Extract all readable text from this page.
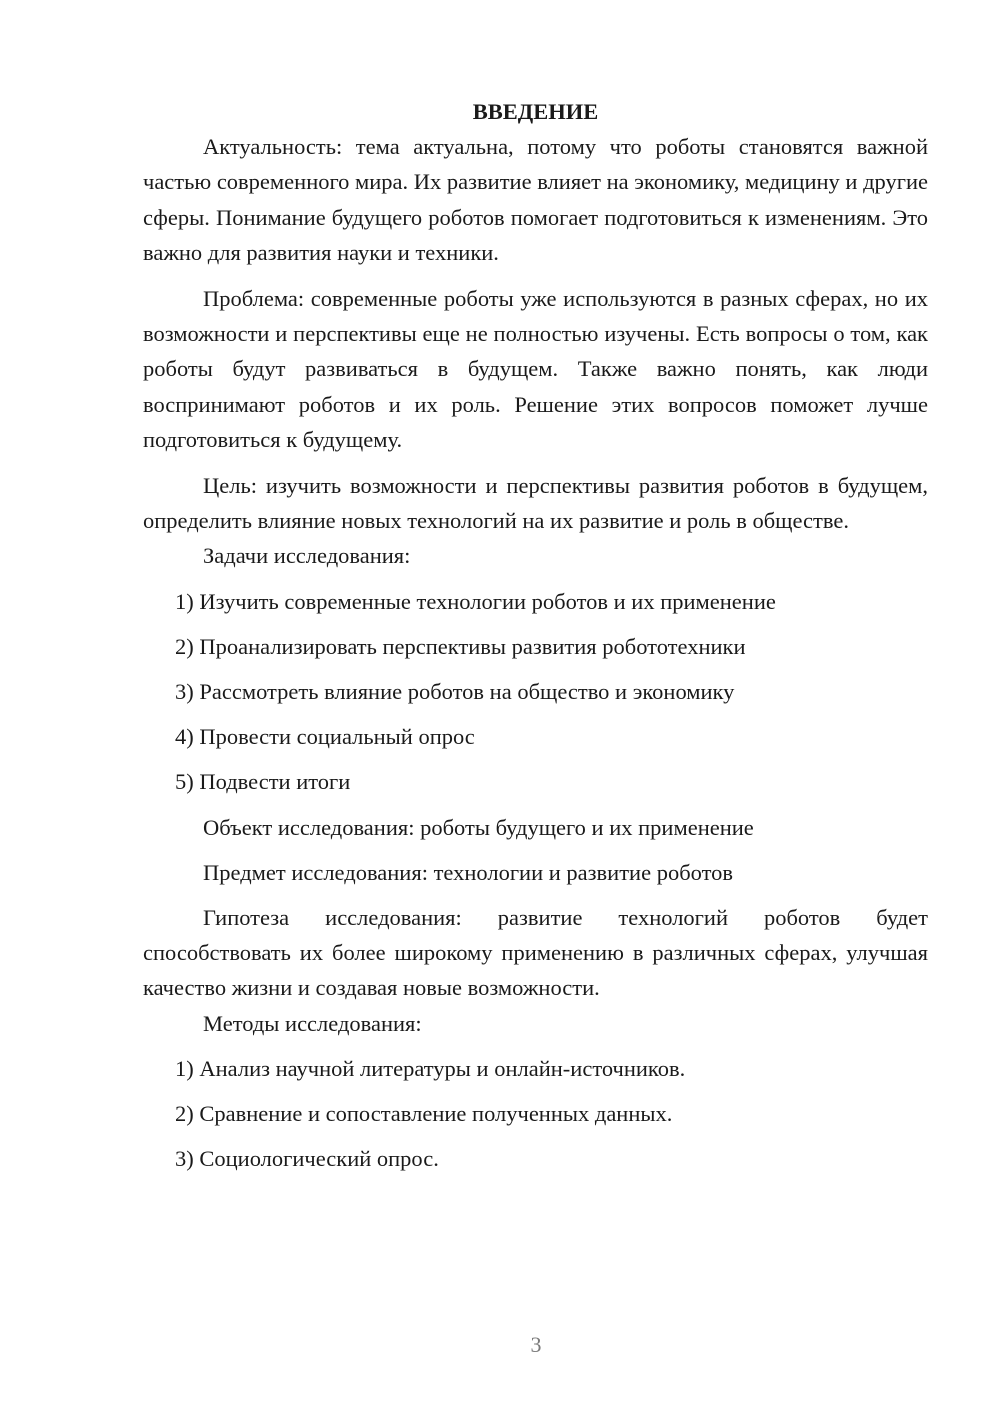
ВВЕДЕНИЕ

Актуальность: тема актуальна, потому что роботы становятся важной частью современного мира. Их развитие влияет на экономику, медицину и другие сферы. Понимание будущего роботов помогает подготовиться к изменениям. Это важно для развития науки и техники.

Проблема: современные роботы уже используются в разных сферах, но их возможности и перспективы еще не полностью изучены. Есть вопросы о том, как роботы будут развиваться в будущем. Также важно понять, как люди воспринимают роботов и их роль. Решение этих вопросов поможет лучше подготовиться к будущему.

Цель: изучить возможности и перспективы развития роботов в будущем, определить влияние новых технологий на их развитие и роль в обществе.

Задачи исследования:

1) Изучить современные технологии роботов и их применение

2) Проанализировать перспективы развития робототехники

3) Рассмотреть влияние роботов на общество и экономику

4) Провести социальный опрос

5) Подвести итоги

Объект исследования: роботы будущего и их применение

Предмет исследования: технологии и развитие роботов

Гипотеза исследования: развитие технологий роботов будет способствовать их более широкому применению в различных сферах, улучшая качество жизни и создавая новые возможности.

Методы исследования:

1) Анализ научной литературы и онлайн-источников.

2) Сравнение и сопоставление полученных данных.

3) Социологический опрос.

3
